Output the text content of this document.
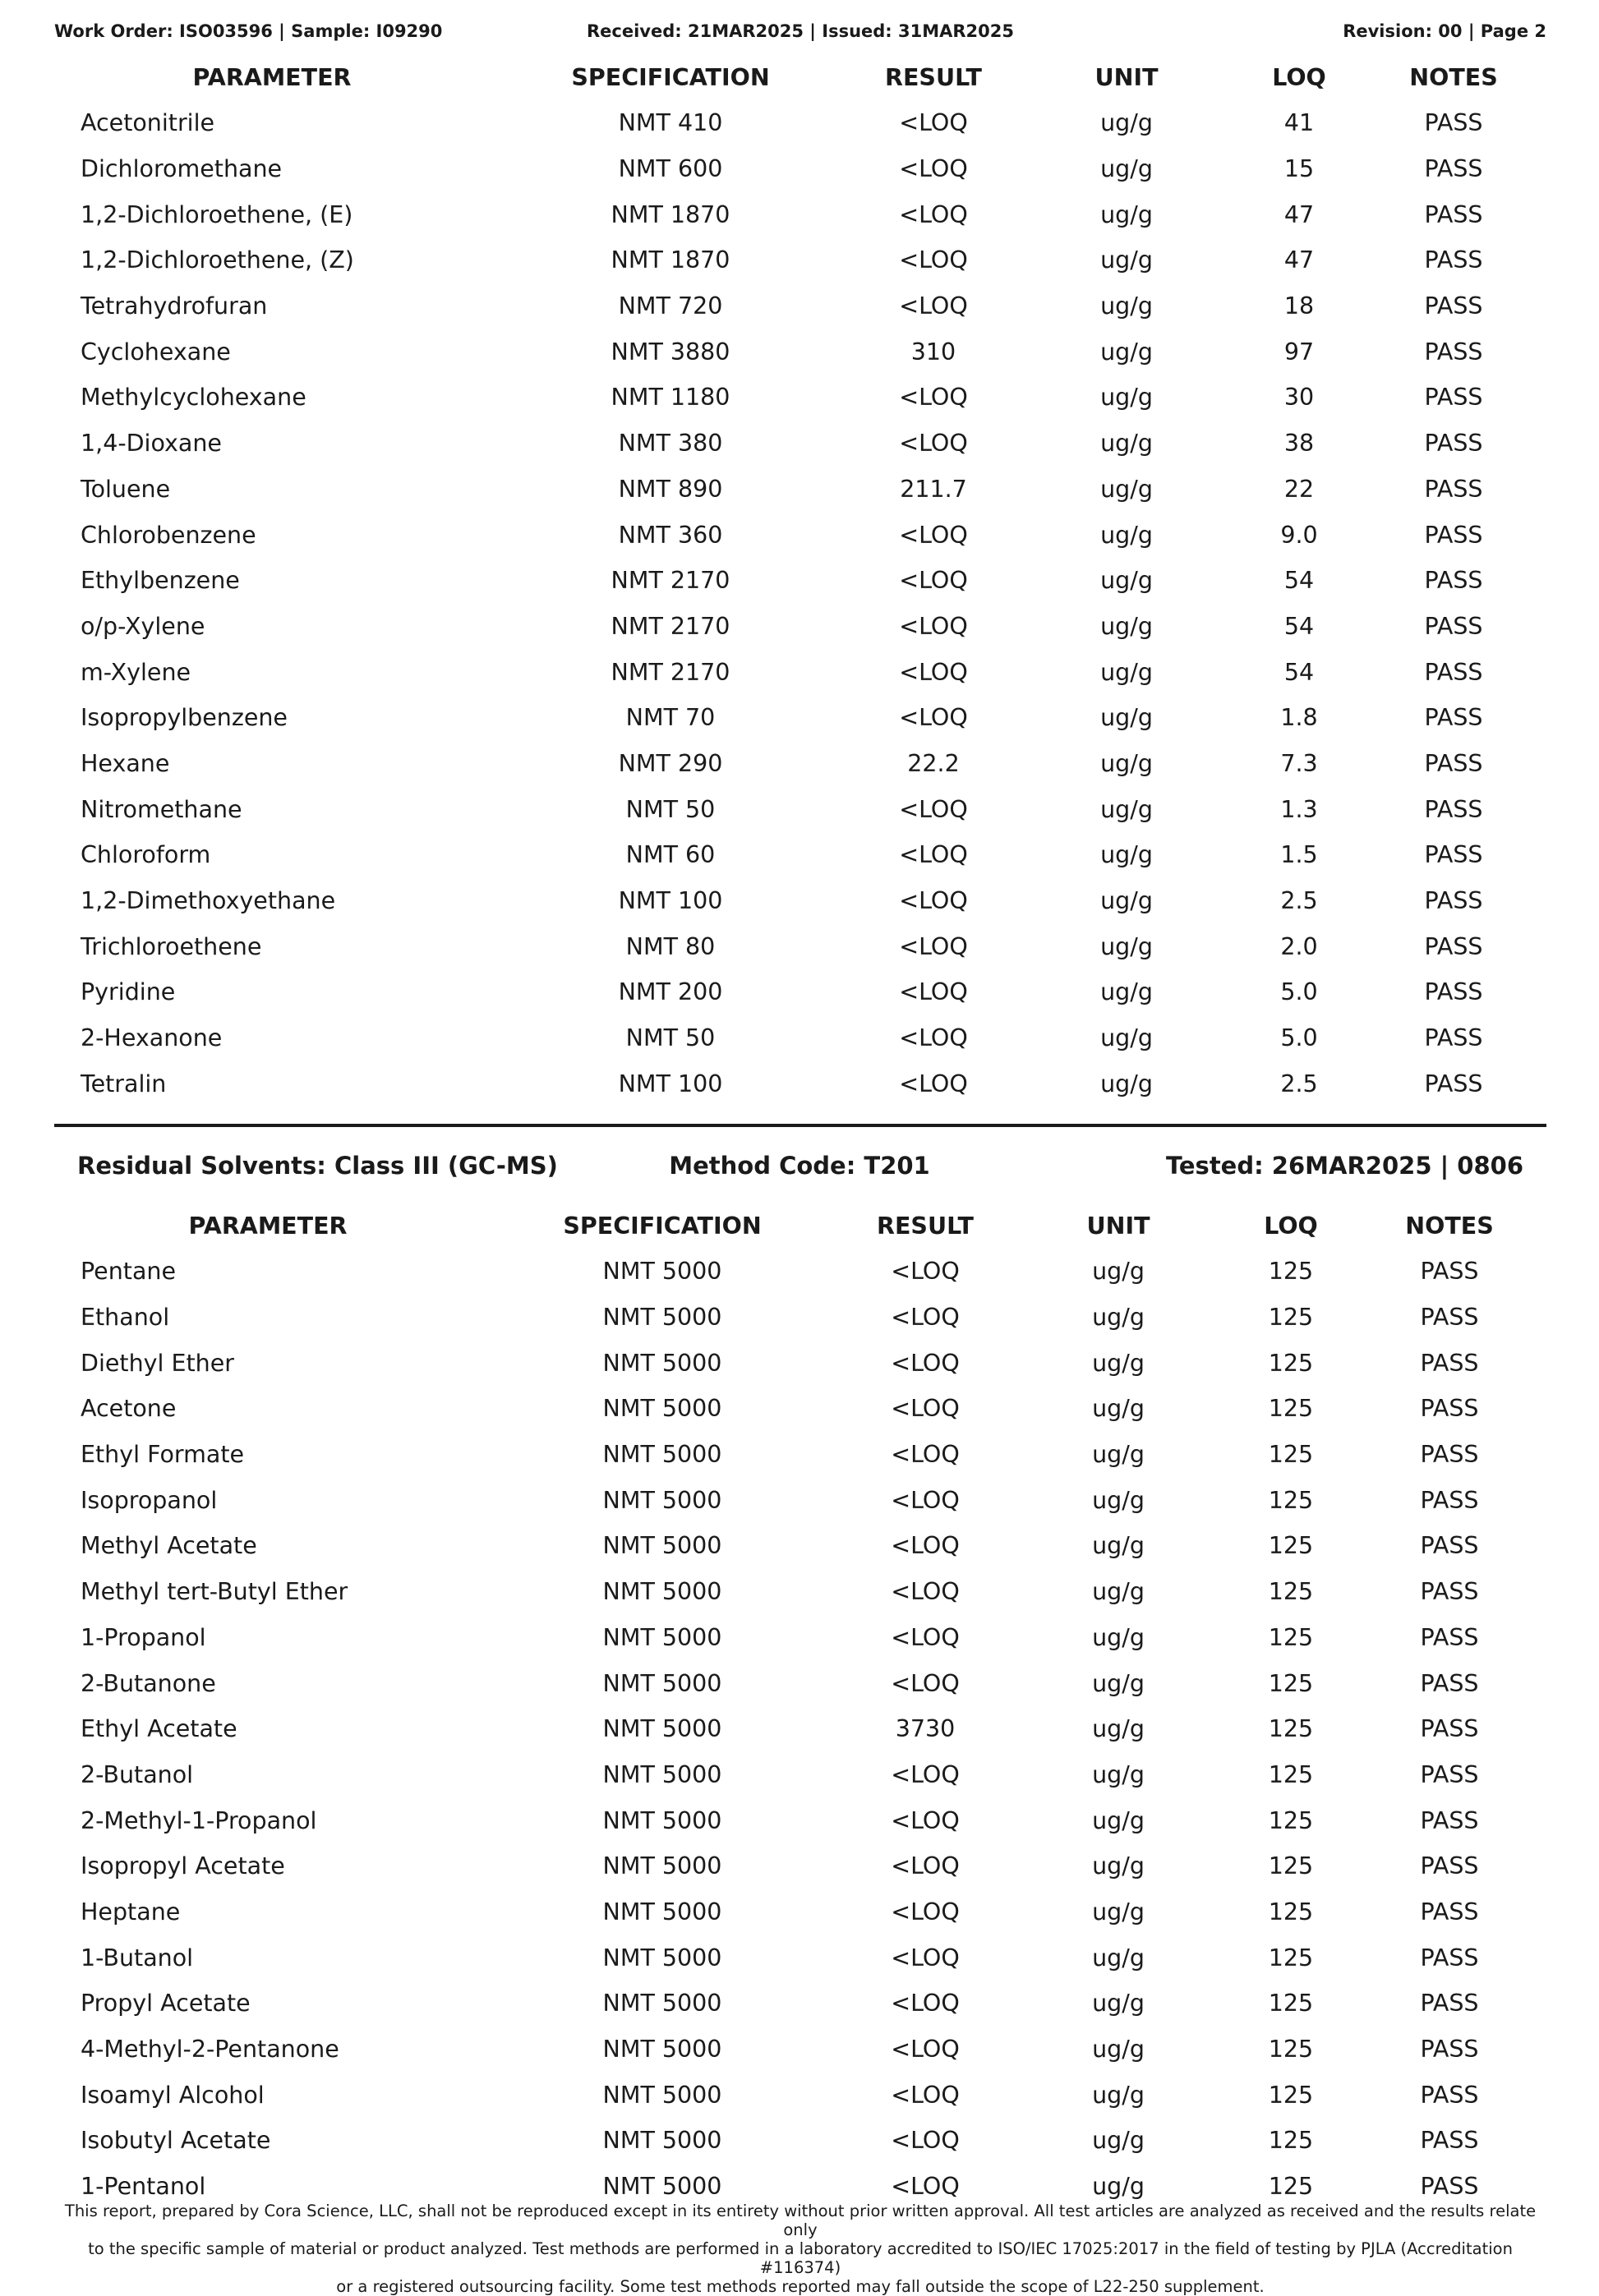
Work Order: ISO03596 | Sample: I09290	Received: 21MAR2025 | Issued: 31MAR2025	Revision: 00 | Page 2
PARAMETER	SPECIFICATION	RESULT	UNIT	LOQ	NOTES
Acetonitrile	NMT 410	<LOQ	ug/g	41	PASS
Dichloromethane	NMT 600	<LOQ	ug/g	15	PASS
1,2-Dichloroethene, (E)	NMT 1870	<LOQ	ug/g	47	PASS
1,2-Dichloroethene, (Z)	NMT 1870	<LOQ	ug/g	47	PASS
Tetrahydrofuran	NMT 720	<LOQ	ug/g	18	PASS
Cyclohexane	NMT 3880	310	ug/g	97	PASS
Methylcyclohexane	NMT 1180	<LOQ	ug/g	30	PASS
1,4-Dioxane	NMT 380	<LOQ	ug/g	38	PASS
Toluene	NMT 890	211.7	ug/g	22	PASS
Chlorobenzene	NMT 360	<LOQ	ug/g	9.0	PASS
Ethylbenzene	NMT 2170	<LOQ	ug/g	54	PASS
o/p-Xylene	NMT 2170	<LOQ	ug/g	54	PASS
m-Xylene	NMT 2170	<LOQ	ug/g	54	PASS
Isopropylbenzene	NMT 70	<LOQ	ug/g	1.8	PASS
Hexane	NMT 290	22.2	ug/g	7.3	PASS
Nitromethane	NMT 50	<LOQ	ug/g	1.3	PASS
Chloroform	NMT 60	<LOQ	ug/g	1.5	PASS
1,2-Dimethoxyethane	NMT 100	<LOQ	ug/g	2.5	PASS
Trichloroethene	NMT 80	<LOQ	ug/g	2.0	PASS
Pyridine	NMT 200	<LOQ	ug/g	5.0	PASS
2-Hexanone	NMT 50	<LOQ	ug/g	5.0	PASS
Tetralin	NMT 100	<LOQ	ug/g	2.5	PASS
Residual Solvents: Class III (GC-MS)	Method Code: T201	Tested: 26MAR2025 | 0806
PARAMETER	SPECIFICATION	RESULT	UNIT	LOQ	NOTES
Pentane	NMT 5000	<LOQ	ug/g	125	PASS
Ethanol	NMT 5000	<LOQ	ug/g	125	PASS
Diethyl Ether	NMT 5000	<LOQ	ug/g	125	PASS
Acetone	NMT 5000	<LOQ	ug/g	125	PASS
Ethyl Formate	NMT 5000	<LOQ	ug/g	125	PASS
Isopropanol	NMT 5000	<LOQ	ug/g	125	PASS
Methyl Acetate	NMT 5000	<LOQ	ug/g	125	PASS
Methyl tert-Butyl Ether	NMT 5000	<LOQ	ug/g	125	PASS
1-Propanol	NMT 5000	<LOQ	ug/g	125	PASS
2-Butanone	NMT 5000	<LOQ	ug/g	125	PASS
Ethyl Acetate	NMT 5000	3730	ug/g	125	PASS
2-Butanol	NMT 5000	<LOQ	ug/g	125	PASS
2-Methyl-1-Propanol	NMT 5000	<LOQ	ug/g	125	PASS
Isopropyl Acetate	NMT 5000	<LOQ	ug/g	125	PASS
Heptane	NMT 5000	<LOQ	ug/g	125	PASS
1-Butanol	NMT 5000	<LOQ	ug/g	125	PASS
Propyl Acetate	NMT 5000	<LOQ	ug/g	125	PASS
4-Methyl-2-Pentanone	NMT 5000	<LOQ	ug/g	125	PASS
Isoamyl Alcohol	NMT 5000	<LOQ	ug/g	125	PASS
Isobutyl Acetate	NMT 5000	<LOQ	ug/g	125	PASS
1-Pentanol	NMT 5000	<LOQ	ug/g	125	PASS
This report, prepared by Cora Science, LLC, shall not be reproduced except in its entirety without prior written approval. All test articles are analyzed as received and the results relate only
to the specific sample of material or product analyzed. Test methods are performed in a laboratory accredited to ISO/IEC 17025:2017 in the field of testing by PJLA (Accreditation #116374)
or a registered outsourcing facility. Some test methods reported may fall outside the scope of L22-250 supplement.
